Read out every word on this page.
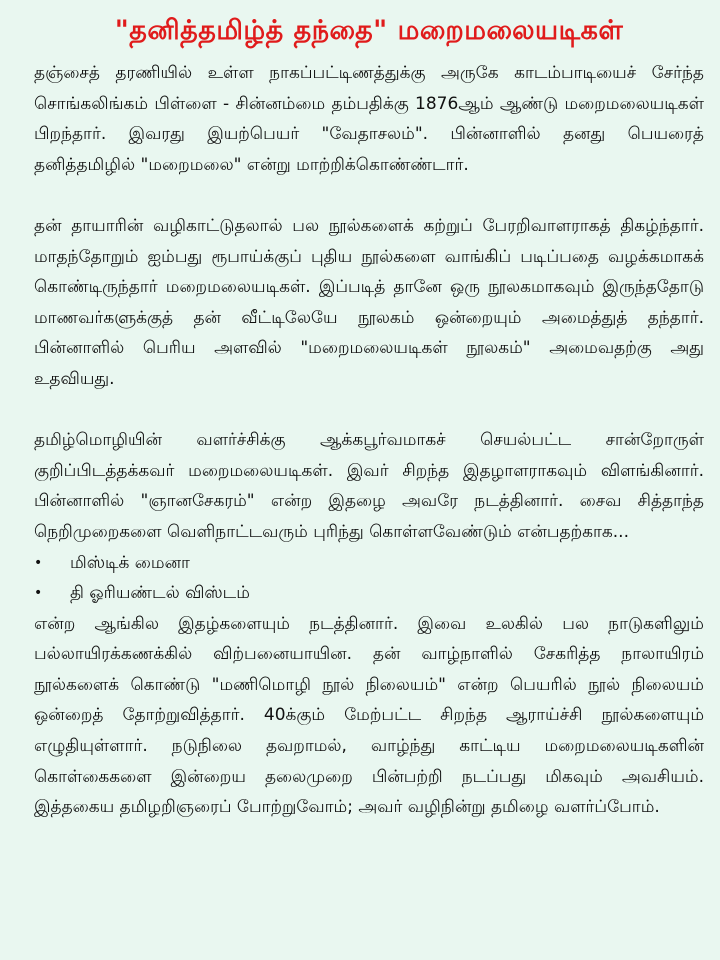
"தனித்தமிழ்த் தந்தை" மறைமலையடிகள்

தஞ்சைத் தரணியில் உள்ள நாகப்பட்டிணத்துக்கு அருகே காடம்பாடியைச் சேர்ந்த சொங்கலிங்கம் பிள்ளை - சின்னம்மை தம்பதிக்கு 1876ஆம் ஆண்டு மறைமலையடிகள் பிறந்தார். இவரது இயற்பெயர் "வேதாசலம்". பின்னாளில் தனது பெயரைத் தனித்தமிழில் "மறைமலை" என்று மாற்றிக்கொண்ண்டார்.

தன் தாயாரின் வழிகாட்டுதலால் பல நூல்களைக் கற்றுப் பேரறிவாளராகத் திகழ்ந்தார். மாதந்தோறும் ஐம்பது ரூபாய்க்குப் புதிய நூல்களை வாங்கிப் படிப்பதை வழக்கமாகக் கொண்டிருந்தார் மறைமலையடிகள். இப்படித் தானே ஒரு நூலகமாகவும் இருந்ததோடு மாணவர்களுக்குத் தன் வீட்டிலேயே நூலகம் ஒன்றையும் அமைத்துத் தந்தார். பின்னாளில் பெரிய அளவில் "மறைமலையடிகள் நூலகம்" அமைவதற்கு அது உதவியது.

தமிழ்மொழியின் வளர்ச்சிக்கு ஆக்கபூர்வமாகச் செயல்பட்ட சான்றோருள் குறிப்பிடத்தக்கவர் மறைமலையடிகள். இவர் சிறந்த இதழாளராகவும் விளங்கினார். பின்னாளில் "ஞானசேகரம்" என்ற இதழை அவரே நடத்தினார். சைவ சித்தாந்த நெறிமுறைகளை வெளிநாட்டவரும் புரிந்து கொள்ளவேண்டும் என்பதற்காக...

• மிஸ்டிக் மைனா
• தி ஓரியண்டல் விஸ்டம்

என்ற ஆங்கில இதழ்களையும் நடத்தினார். இவை உலகில் பல நாடுகளிலும் பல்லாயிரக்கணக்கில் விற்பனையாயின. தன் வாழ்நாளில் சேகரித்த நாலாயிரம் நூல்களைக் கொண்டு "மணிமொழி நூல் நிலையம்" என்ற பெயரில் நூல் நிலையம் ஒன்றைத் தோற்றுவித்தார். 40க்கும் மேற்பட்ட சிறந்த ஆராய்ச்சி நூல்களையும் எழுதியுள்ளார். நடுநிலை தவறாமல், வாழ்ந்து காட்டிய மறைமலையடிகளின் கொள்கைகளை இன்றைய தலைமுறை பின்பற்றி நடப்பது மிகவும் அவசியம். இத்தகைய தமிழறிஞரைப் போற்றுவோம்; அவர் வழிநின்று தமிழை வளர்ப்போம்.
